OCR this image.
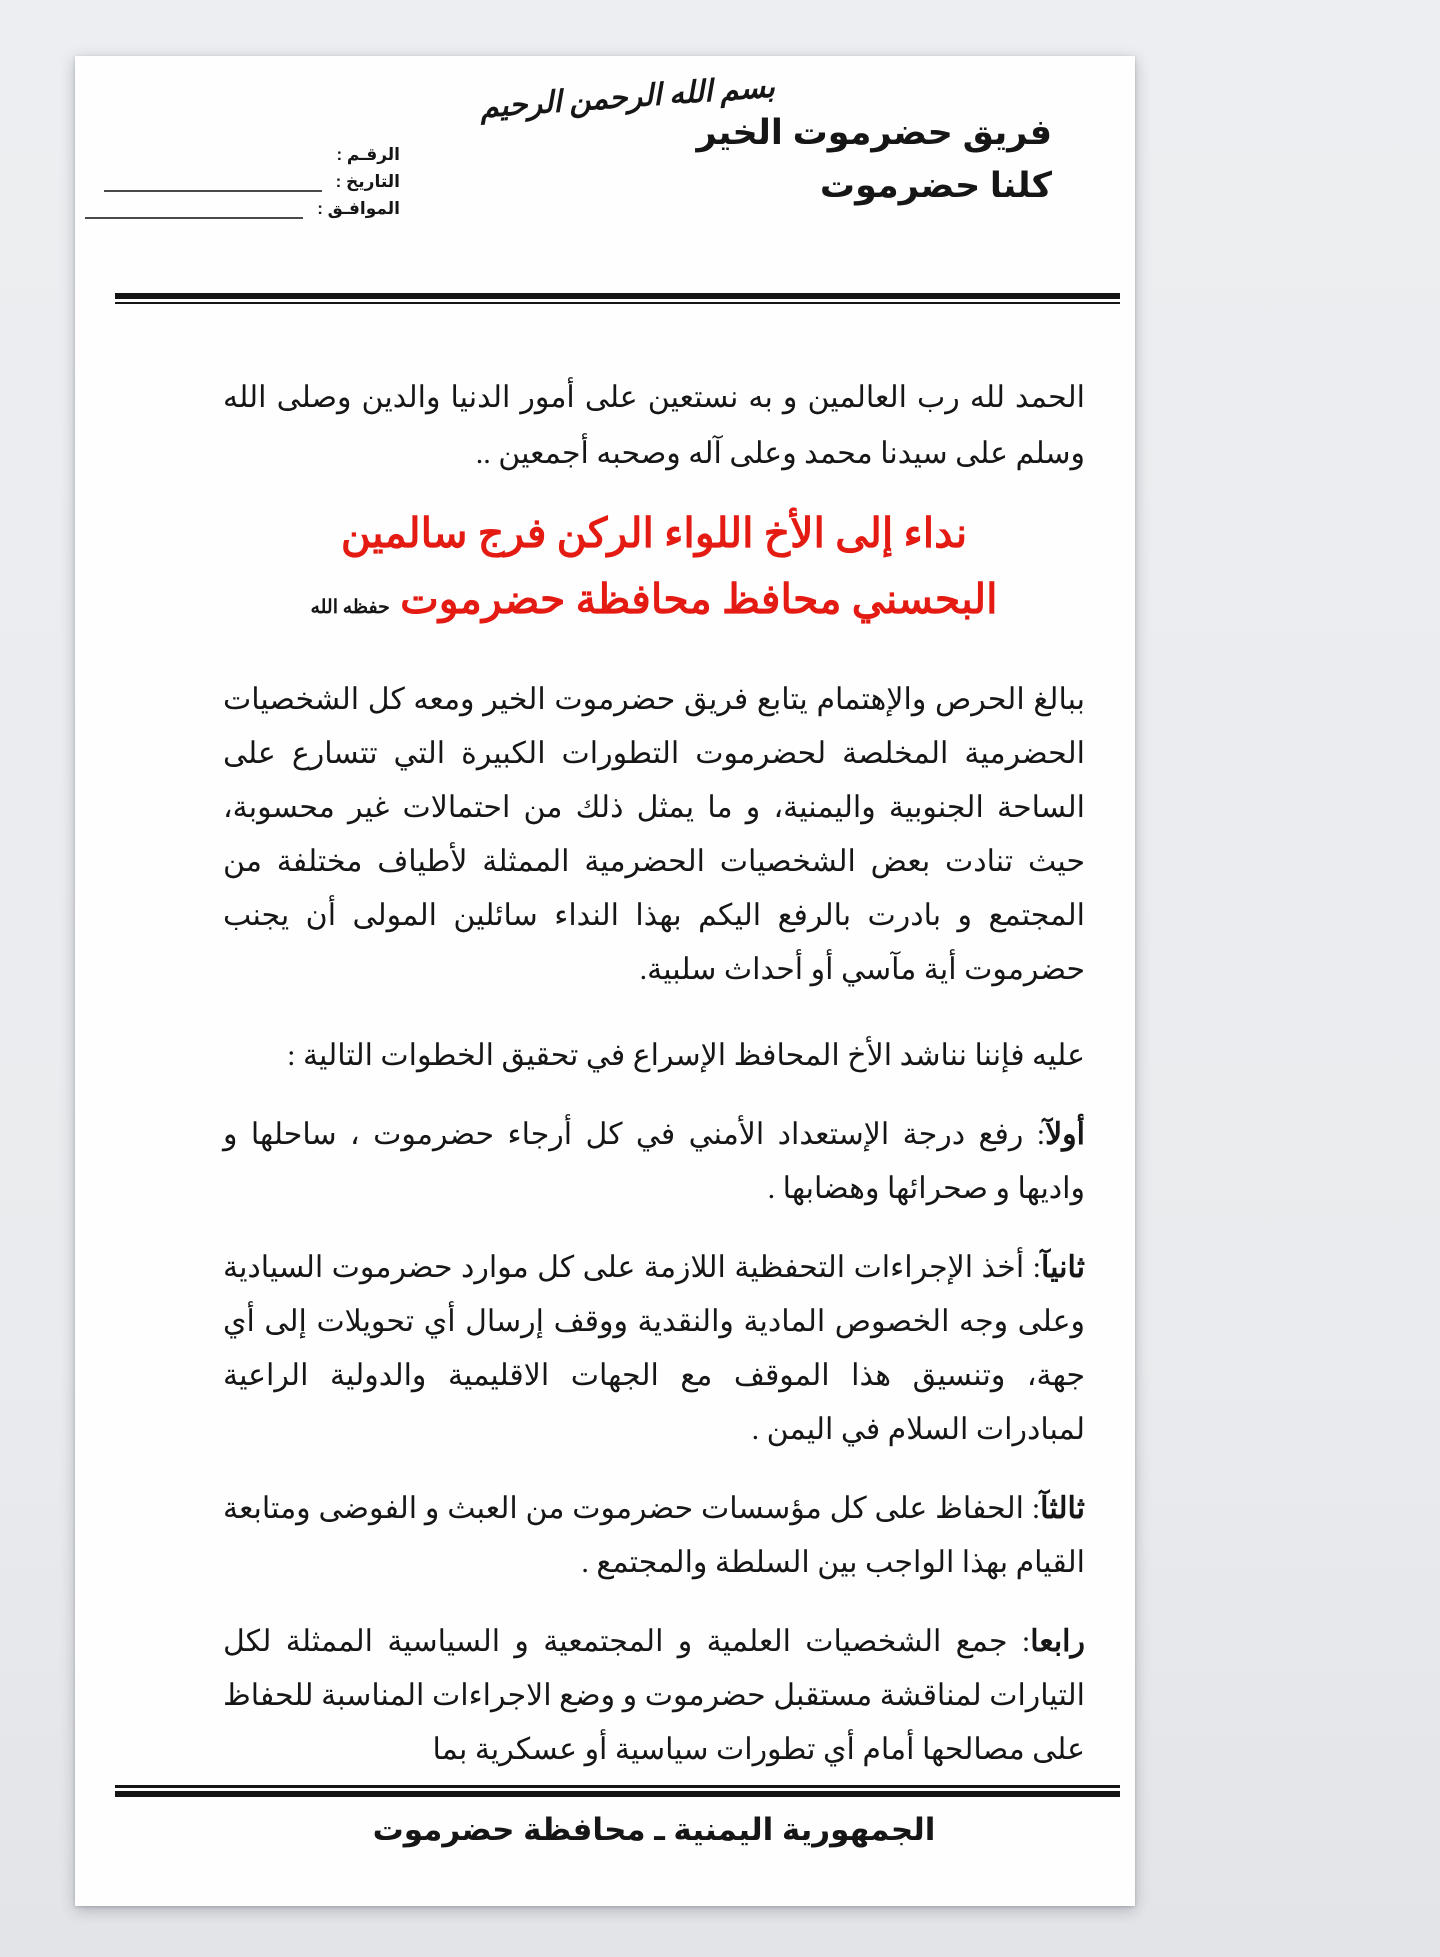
بسم الله الرحمن الرحيم
فريق حضرموت الخير
كلنا حضرموت
الرقـم :
التاريخ :
الموافـق :

الحمد لله رب العالمين و به نستعين على أمور الدنيا والدين وصلى الله وسلم على سيدنا محمد وعلى آله وصحبه أجمعين ..

نداء إلى الأخ اللواء الركن فرج سالمين
البحسني محافظ محافظة حضرموت حفظه الله

ببالغ الحرص والإهتمام يتابع فريق حضرموت الخير ومعه كل الشخصيات الحضرمية المخلصة لحضرموت التطورات الكبيرة التي تتسارع على الساحة الجنوبية واليمنية، و ما يمثل ذلك من احتمالات غير محسوبة، حيث تنادت بعض الشخصيات الحضرمية الممثلة لأطياف مختلفة من المجتمع و بادرت بالرفع اليكم بهذا النداء سائلين المولى أن يجنب حضرموت أية مآسي أو أحداث سلبية.

عليه فإننا نناشد الأخ المحافظ الإسراع في تحقيق الخطوات التالية :

أولآ: رفع درجة الإستعداد الأمني في كل أرجاء حضرموت ، ساحلها و واديها و صحرائها وهضابها .

ثانيآ: أخذ الإجراءات التحفظية اللازمة على كل موارد حضرموت السيادية وعلى وجه الخصوص المادية والنقدية ووقف إرسال أي تحويلات إلى أي جهة، وتنسيق هذا الموقف مع الجهات الاقليمية والدولية الراعية لمبادرات السلام في اليمن .

ثالثآ: الحفاظ على كل مؤسسات حضرموت من العبث و الفوضى ومتابعة القيام بهذا الواجب بين السلطة والمجتمع .

رابعا: جمع الشخصيات العلمية و المجتمعية و السياسية الممثلة لكل التيارات لمناقشة مستقبل حضرموت و وضع الاجراءات المناسبة للحفاظ على مصالحها أمام أي تطورات سياسية أو عسكرية بما

الجمهورية اليمنية ـ محافظة حضرموت
